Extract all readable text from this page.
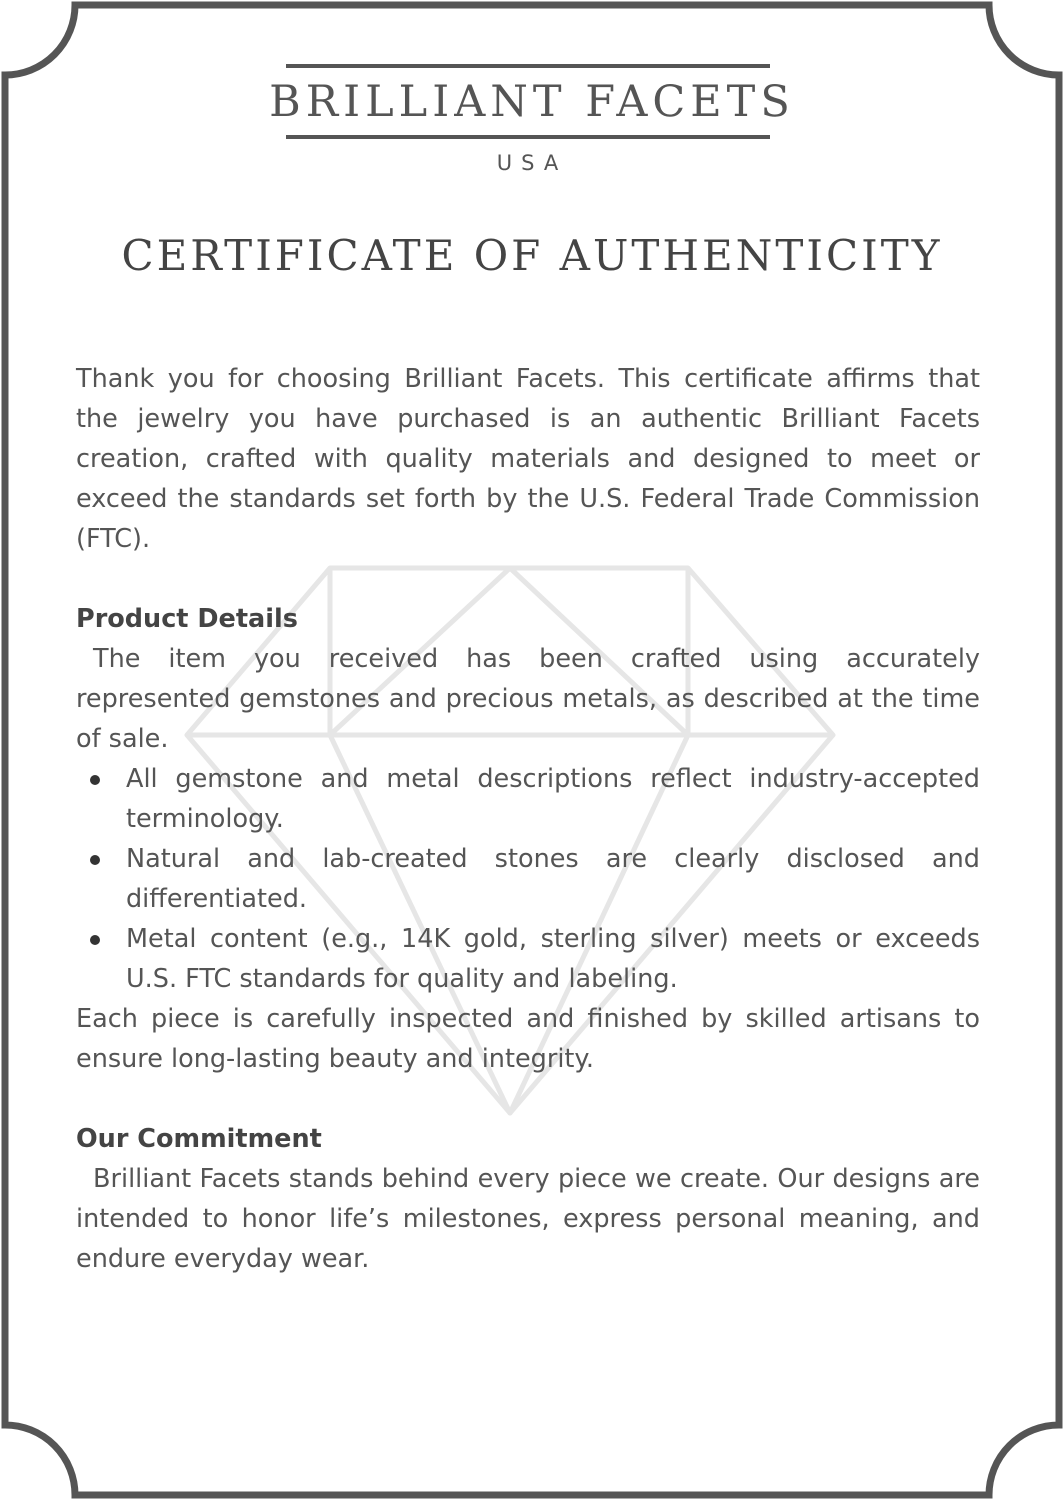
BRILLIANT FACETS
USA
CERTIFICATE OF AUTHENTICITY

Thank you for choosing Brilliant Facets. This certificate affirms that the jewelry you have purchased is an authentic Brilliant Facets creation, crafted with quality materials and designed to meet or exceed the standards set forth by the U.S. Federal Trade Commission (FTC).

Product Details

The item you received has been crafted using accurately represented gemstones and precious metals, as described at the time of sale.

All gemstone and metal descriptions reflect industry-accepted terminology.
Natural and lab-created stones are clearly disclosed and differentiated.
Metal content (e.g., 14K gold, sterling silver) meets or exceeds U.S. FTC standards for quality and labeling.

Each piece is carefully inspected and finished by skilled artisans to ensure long-lasting beauty and integrity.

Our Commitment

Brilliant Facets stands behind every piece we create. Our designs are intended to honor life’s milestones, express personal meaning, and endure everyday wear.
